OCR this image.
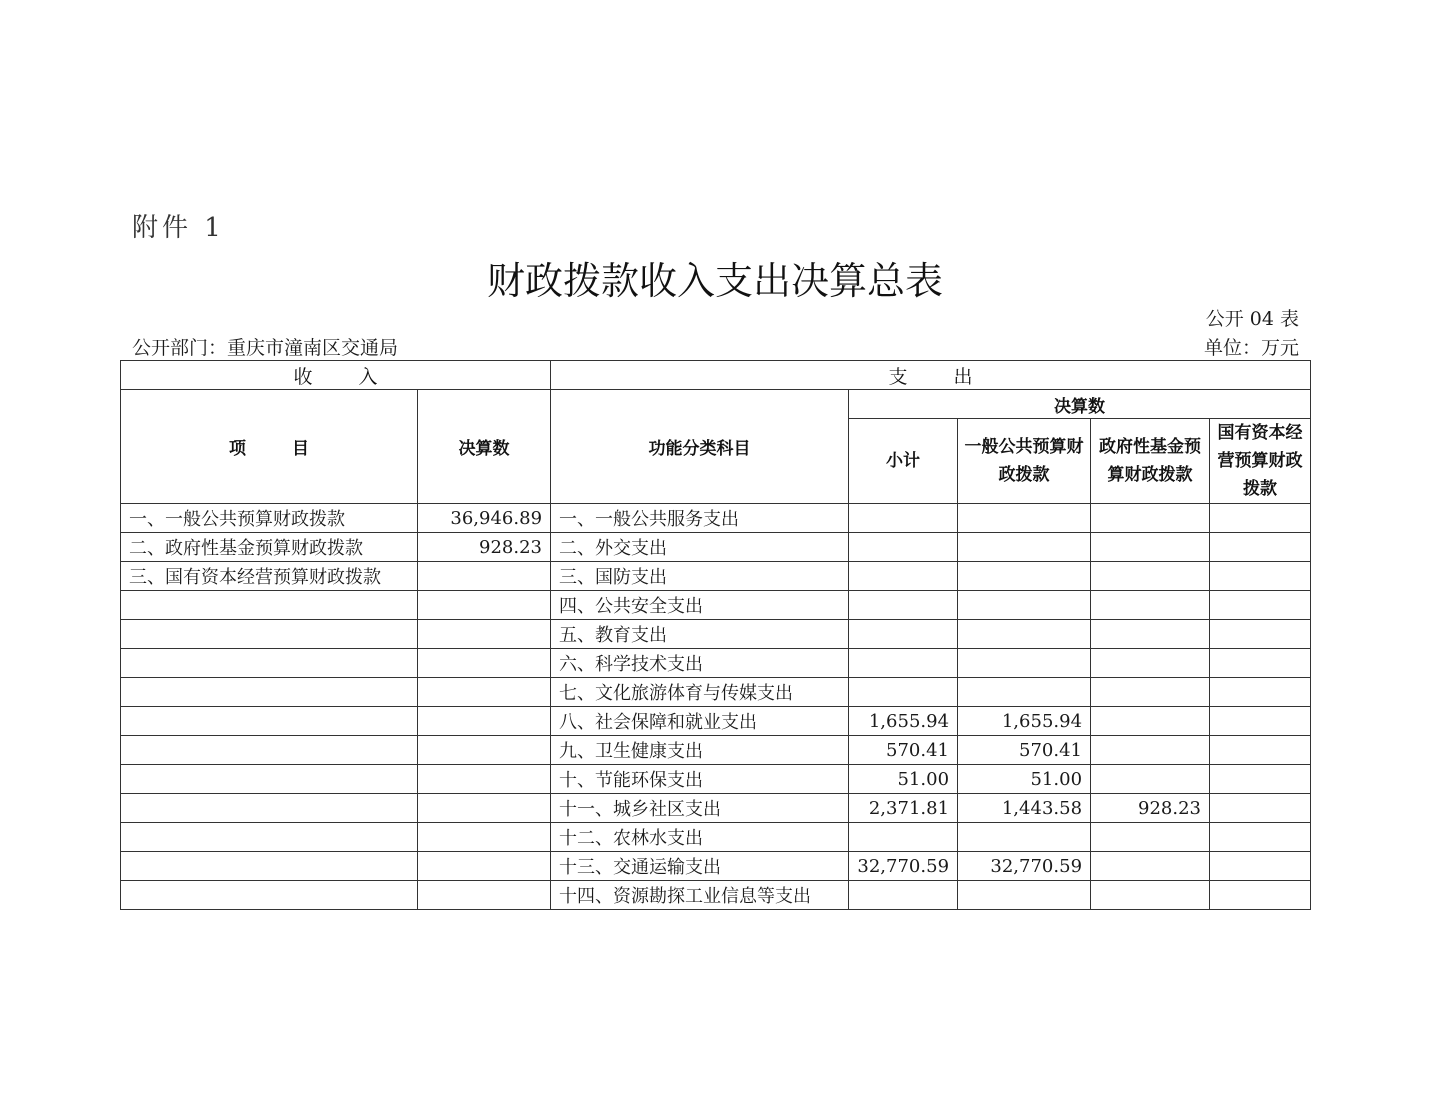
附件 1
财政拨款收入支出决算总表
公开 04 表
公开部门：重庆市潼南区交通局	单位：万元
收 入		支 出				
项 目	决算数	功能分类科目	决算数			
			小计	一般公共预算财政拨款	政府性基金预算财政拨款	国有资本经营预算财政拨款
一、一般公共预算财政拨款	36,946.89	一、一般公共服务支出				
二、政府性基金预算财政拨款	928.23	二、外交支出				
三、国有资本经营预算财政拨款		三、国防支出				
		四、公共安全支出				
		五、教育支出				
		六、科学技术支出				
		七、文化旅游体育与传媒支出				
		八、社会保障和就业支出	1,655.94	1,655.94		
		九、卫生健康支出	570.41	570.41		
		十、节能环保支出	51.00	51.00		
		十一、城乡社区支出	2,371.81	1,443.58	928.23	
		十二、农林水支出				
		十三、交通运输支出	32,770.59	32,770.59		
		十四、资源勘探工业信息等支出				
